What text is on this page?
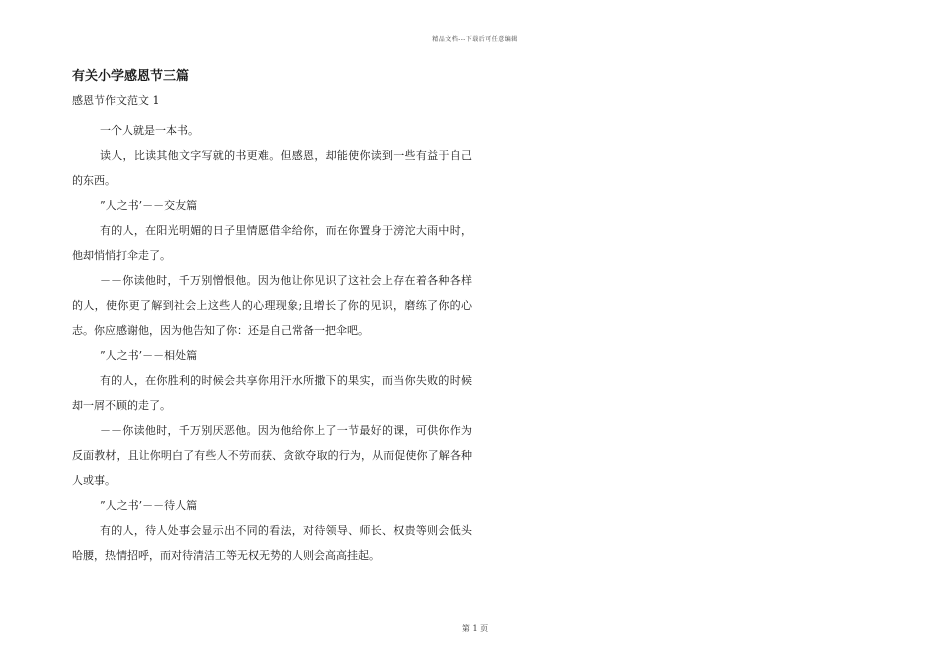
精品文档---下载后可任意编辑
有关小学感恩节三篇
感恩节作文范文 1

一个人就是一本书。

读人，比读其他文字写就的书更难。但感恩，却能使你读到一些有益于自己的东西。

”人之书’－－交友篇

有的人，在阳光明媚的日子里情愿借伞给你，而在你置身于滂沱大雨中时，他却悄悄打伞走了。

－－你读他时，千万别憎恨他。因为他让你见识了这社会上存在着各种各样的人，使你更了解到社会上这些人的心理现象;且增长了你的见识，磨练了你的心志。你应感谢他，因为他告知了你：还是自己常备一把伞吧。

”人之书’－－相处篇

有的人，在你胜利的时候会共享你用汗水所撒下的果实，而当你失败的时候却一屑不顾的走了。

－－你读他时，千万别厌恶他。因为他给你上了一节最好的课，可供你作为反面教材，且让你明白了有些人不劳而获、贪欲夺取的行为，从而促使你了解各种人或事。

”人之书’－－待人篇

有的人，待人处事会显示出不同的看法，对待领导、师长、权贵等则会低头哈腰，热情招呼，而对待清洁工等无权无势的人则会高高挂起。

第 1 页
